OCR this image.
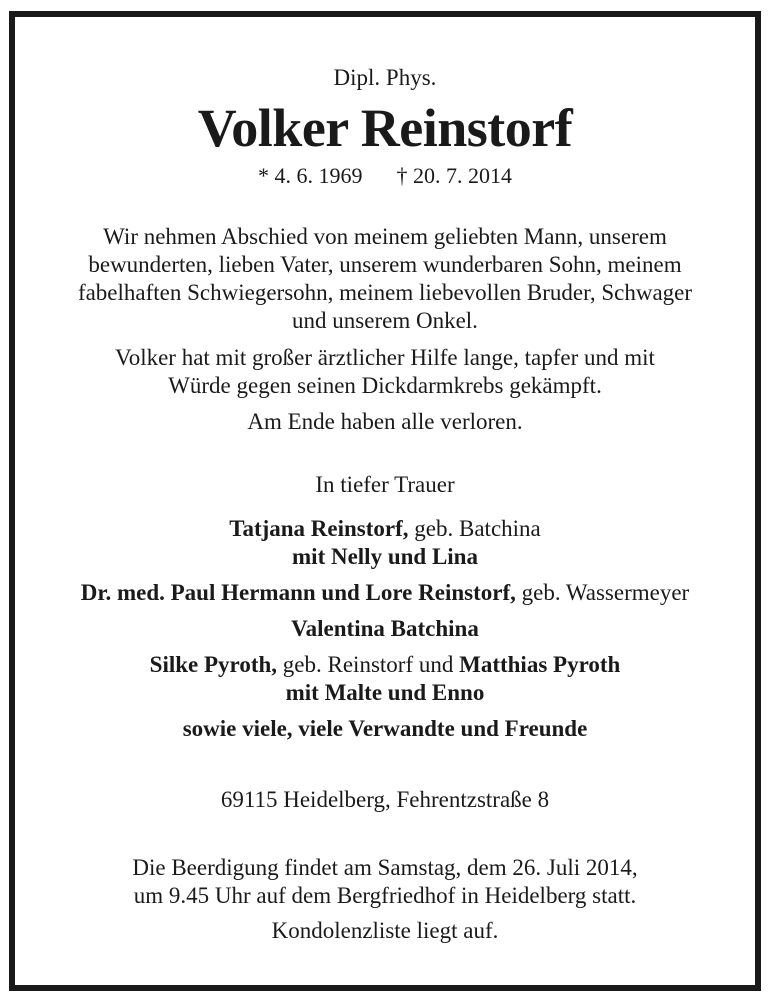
Dipl. Phys.
Volker Reinstorf
* 4. 6. 1969 † 20. 7. 2014
Wir nehmen Abschied von meinem geliebten Mann, unserem
bewunderten, lieben Vater, unserem wunderbaren Sohn, meinem
fabelhaften Schwiegersohn, meinem liebevollen Bruder, Schwager
und unserem Onkel.
Volker hat mit großer ärztlicher Hilfe lange, tapfer und mit
Würde gegen seinen Dickdarmkrebs gekämpft.
Am Ende haben alle verloren.
In tiefer Trauer
Tatjana Reinstorf, geb. Batchina
mit Nelly und Lina
Dr. med. Paul Hermann und Lore Reinstorf, geb. Wassermeyer
Valentina Batchina
Silke Pyroth, geb. Reinstorf und Matthias Pyroth
mit Malte und Enno
sowie viele, viele Verwandte und Freunde
69115 Heidelberg, Fehrentzstraße 8
Die Beerdigung findet am Samstag, dem 26. Juli 2014,
um 9.45 Uhr auf dem Bergfriedhof in Heidelberg statt.
Kondolenzliste liegt auf.
